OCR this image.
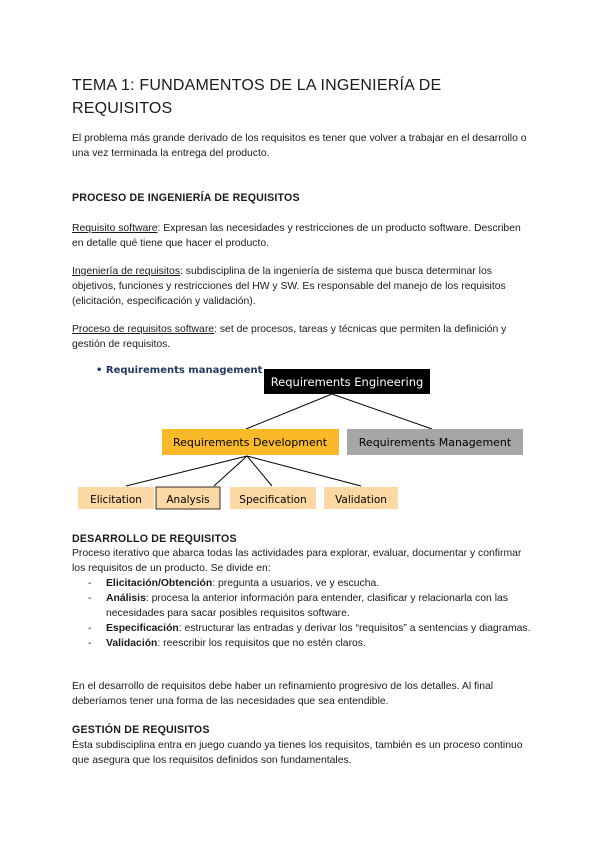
TEMA 1: FUNDAMENTOS DE LA INGENIERÍA DE REQUISITOS
El problema más grande derivado de los requisitos es tener que volver a trabajar en el desarrollo o una vez terminada la entrega del producto.
PROCESO DE INGENIERÍA DE REQUISITOS
Requisito software: Expresan las necesidades y restricciones de un producto software. Describen en detalle qué tiene que hacer el producto.
Ingeniería de requisitos: subdisciplina de la ingeniería de sistema que busca determinar los objetivos, funciones y restricciones del HW y SW. Es responsable del manejo de los requisitos (elicitación, especificación y validación).
Proceso de requisitos software: set de procesos, tareas y técnicas que permiten la definición y gestión de requisitos.
• Requirements management
Requirements Engineering
Requirements Development	Requirements Management
Elicitation Analysis	Specification	Validation
DESARROLLO DE REQUISITOS
Proceso iterativo que abarca todas las actividades para explorar, evaluar, documentar y confirmar los requisitos de un producto. Se divide en:
- Elicitación/Obtención: pregunta a usuarios, ve y escucha.
- Análisis: procesa la anterior información para entender, clasificar y relacionarla con las necesidades para sacar posibles requisitos software.
- Especificación: estructurar las entradas y derivar los “requisitos” a sentencias y diagramas.
- Validación: reescribir los requisitos que no estén claros.
En el desarrollo de requisitos debe haber un refinamiento progresivo de los detalles. Al final deberíamos tener una forma de las necesidades que sea entendible.
GESTIÓN DE REQUISITOS
Ésta subdisciplina entra en juego cuando ya tienes los requisitos, también es un proceso continuo que asegura que los requisitos definidos son fundamentales.
